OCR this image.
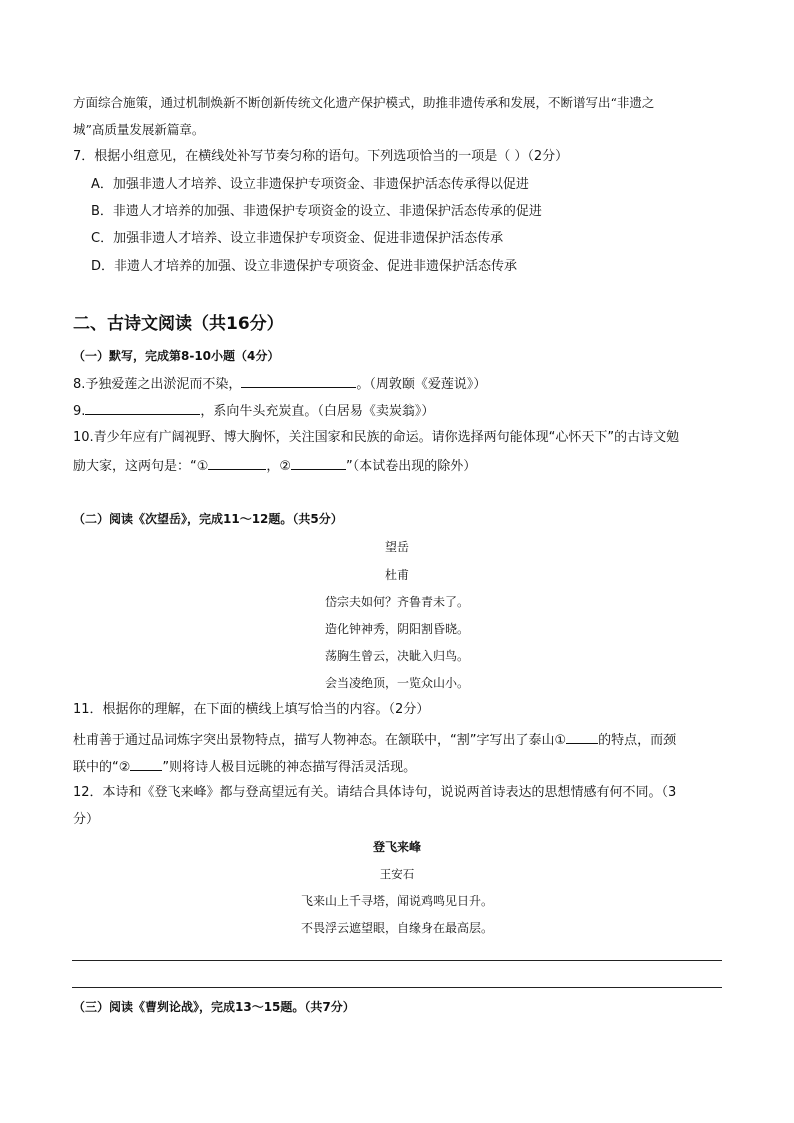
方面综合施策，通过机制焕新不断创新传统文化遗产保护模式，助推非遗传承和发展，不断谱写出“非遗之
城”高质量发展新篇章。
7．根据小组意见，在横线处补写节奏匀称的语句。下列选项恰当的一项是（ ）（2分）
A．加强非遗人才培养、设立非遗保护专项资金、非遗保护活态传承得以促进
B．非遗人才培养的加强、非遗保护专项资金的设立、非遗保护活态传承的促进
C．加强非遗人才培养、设立非遗保护专项资金、促进非遗保护活态传承
D．非遗人才培养的加强、设立非遗保护专项资金、促进非遗保护活态传承
二、古诗文阅读（共16分）
（一）默写，完成第8-10小题（4分）
8.予独爱莲之出淤泥而不染，	。（周敦颐《爱莲说》）
9.	，系向牛头充炭直。（白居易《卖炭翁》）
10.青少年应有广阔视野、博大胸怀，关注国家和民族的命运。请你选择两句能体现“心怀天下”的古诗文勉
励大家，这两句是：“①	，②	”（本试卷出现的除外）
（二）阅读《次望岳》，完成11～12题。（共5分）
望岳
杜甫
岱宗夫如何？齐鲁青未了。
造化钟神秀，阴阳割昏晓。
荡胸生曾云，决眦入归鸟。
会当凌绝顶，一览众山小。
11．根据你的理解，在下面的横线上填写恰当的内容。（2分）
杜甫善于通过品词炼字突出景物特点，描写人物神态。在颔联中，“割”字写出了泰山① 的特点，而颈
联中的“② ”则将诗人极目远眺的神态描写得活灵活现。
12．本诗和《登飞来峰》都与登高望远有关。请结合具体诗句，说说两首诗表达的思想情感有何不同。（3
分）
登飞来峰
王安石
飞来山上千寻塔，闻说鸡鸣见日升。
不畏浮云遮望眼，自缘身在最高层。
（三）阅读《曹刿论战》，完成13～15题。（共7分）
